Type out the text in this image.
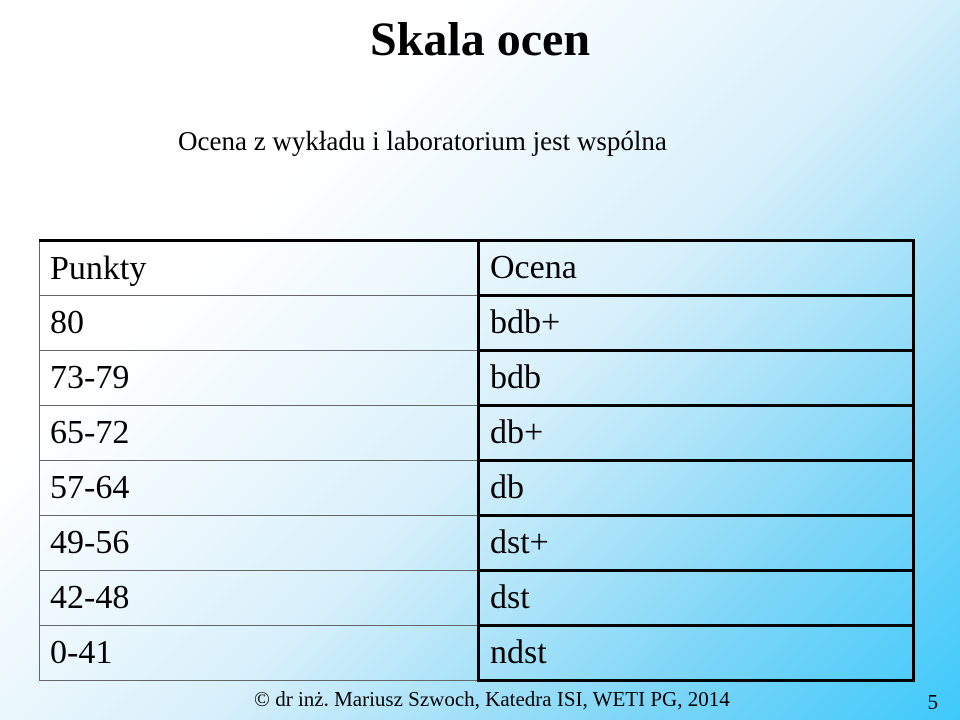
Skala ocen
Ocena z wykładu i laboratorium jest wspólna
Punkty	Ocena
80	bdb+
73-79	bdb
65-72	db+
57-64	db
49-56	dst+
42-48	dst
0-41	ndst
© dr inż. Mariusz Szwoch, Katedra ISI, WETI PG, 2014	5
